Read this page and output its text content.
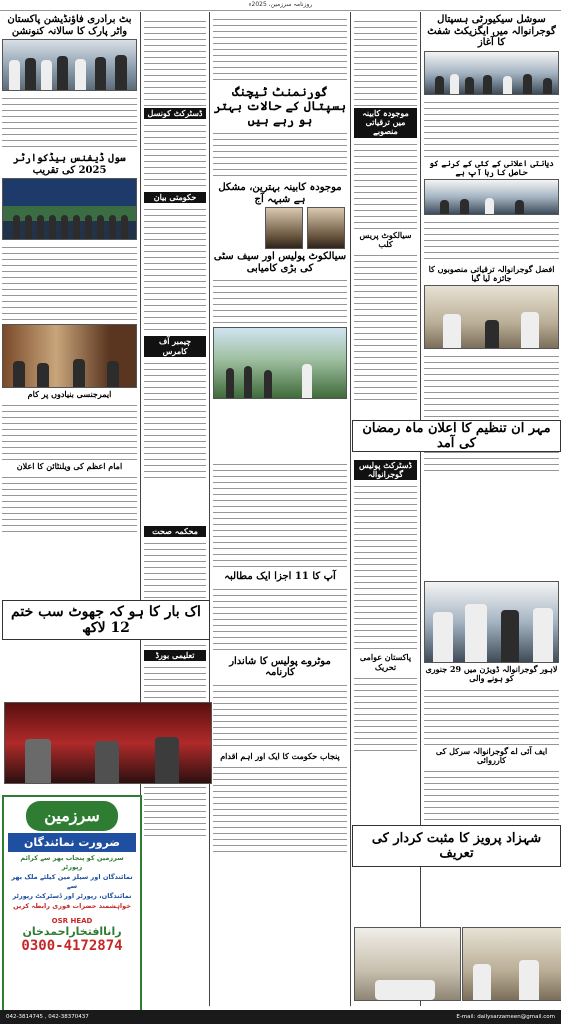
روزنامہ سرزمین، 2025ء
سوشل سیکیورٹی ہسپتال گوجرانوالہ میں ایگزیکٹ شفٹ کا آغاز
دیانتی اعلانی کے کئی کے کرنے کو حاصل کا رہا آپ ہے
افضل گوجرانوالہ ترقیاتی منصوبوں کا جائزہ لیا گیا
لاہور گوجرانوالہ ڈویژن میں 29 جنوری کو ہونے والی
ایف آئی اے گوجرانوالہ سرکل کی کارروائی
موجودہ کابینہ میں ترقیاتی منصوبے
سیالکوٹ پریس کلب
ڈسٹرکٹ پولیس گوجرانوالہ
پاکستان عوامی تحریک
گورنمنٹ ٹیچنگ ہسپتال کے حالات بہتر ہو رہے ہیں
موجودہ کابینہ بہترین، مشکل ہے شبہہ آج
سیالکوٹ پولیس اور سیف سٹی کی بڑی کامیابی
آپ کا 11 اجزا ایک مطالبہ
موٹروے پولیس کا شاندار کارنامہ
پنجاب حکومت کا ایک اور اہم اقدام
ڈسٹرکٹ کونسل
حکومتی بیان
چیمبر آف کامرس
محکمہ صحت
تعلیمی بورڈ
بٹ برادری فاؤنڈیشن پاکستان واٹر پارک کا سالانہ کنونشن
سول ڈیفنس ہیڈکوارٹر 2025 کی تقریب
ایمرجنسی بنیادوں پر کام
امام اعظم کی ویلنٹائن کا اعلان
مہر ان تنظیم کا اعلان ماہ رمضان کی آمد
اک بار کا ہو کہ جھوٹ سب ختم 12 لاکھ
شہزاد پرویز کا مثبت کردار کی تعریف
سرزمین
ضرورت نمائندگان
سرزمین کو پنجاب بھر سے کرائم رپورٹر
نمائندگان اور سیلز مین کیلئے ملک بھر سے
نمائندگان، رپورٹر اور ڈسٹرکٹ رپورٹر
خواہشمند حضرات فوری رابطہ کریں
OSR HEAD
راناافتخاراحمدخان
0300-4172874
042-3814745 , 042-38370437	E-mail: dailysarzameen@gmail.com
